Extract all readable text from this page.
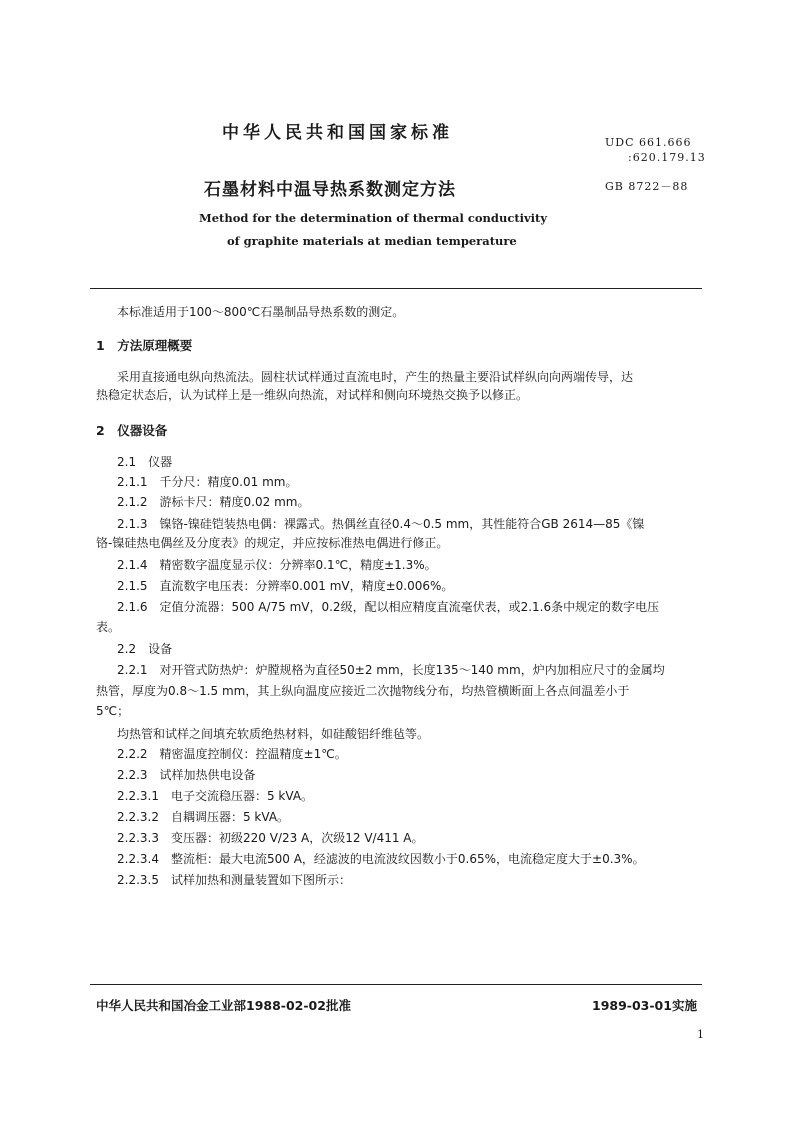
中华人民共和国国家标准	UDC 661.666
:620.179.13
石墨材料中温导热系数测定方法	GB 8722－88
Method for the determination of thermal conductivity
of graphite materials at median temperature
本标准适用于100～800℃石墨制品导热系数的测定。
1　方法原理概要
采用直接通电纵向热流法。圆柱状试样通过直流电时，产生的热量主要沿试样纵向向两端传导，达
热稳定状态后，认为试样上是一维纵向热流，对试样和侧向环境热交换予以修正。
2　仪器设备
2.1　仪器
2.1.1　千分尺：精度0.01 mm。
2.1.2　游标卡尺：精度0.02 mm。
2.1.3　镍铬-镍硅铠装热电偶：裸露式。热偶丝直径0.4～0.5 mm，其性能符合GB 2614—85《镍
铬-镍硅热电偶丝及分度表》的规定，并应按标准热电偶进行修正。
2.1.4　精密数字温度显示仪：分辨率0.1℃，精度±1.3%。
2.1.5　直流数字电压表：分辨率0.001 mV，精度±0.006%。
2.1.6　定值分流器：500 A/75 mV，0.2级，配以相应精度直流毫伏表，或2.1.6条中规定的数字电压
表。
2.2　设备
2.2.1　对开管式防热炉：炉膛规格为直径50±2 mm，长度135～140 mm，炉内加相应尺寸的金属均
热管，厚度为0.8～1.5 mm，其上纵向温度应接近二次抛物线分布，均热管横断面上各点间温差小于
5℃；
均热管和试样之间填充软质绝热材料，如硅酸铝纤维毡等。
2.2.2　精密温度控制仪：控温精度±1℃。
2.2.3　试样加热供电设备
2.2.3.1　电子交流稳压器：5 kVA。
2.2.3.2　自耦调压器：5 kVA。
2.2.3.3　变压器：初级220 V/23 A，次级12 V/411 A。
2.2.3.4　整流柜：最大电流500 A，经滤波的电流波纹因数小于0.65%，电流稳定度大于±0.3%。
2.2.3.5　试样加热和测量装置如下图所示：
中华人民共和国冶金工业部1988-02-02批准	1989-03-01实施
1
